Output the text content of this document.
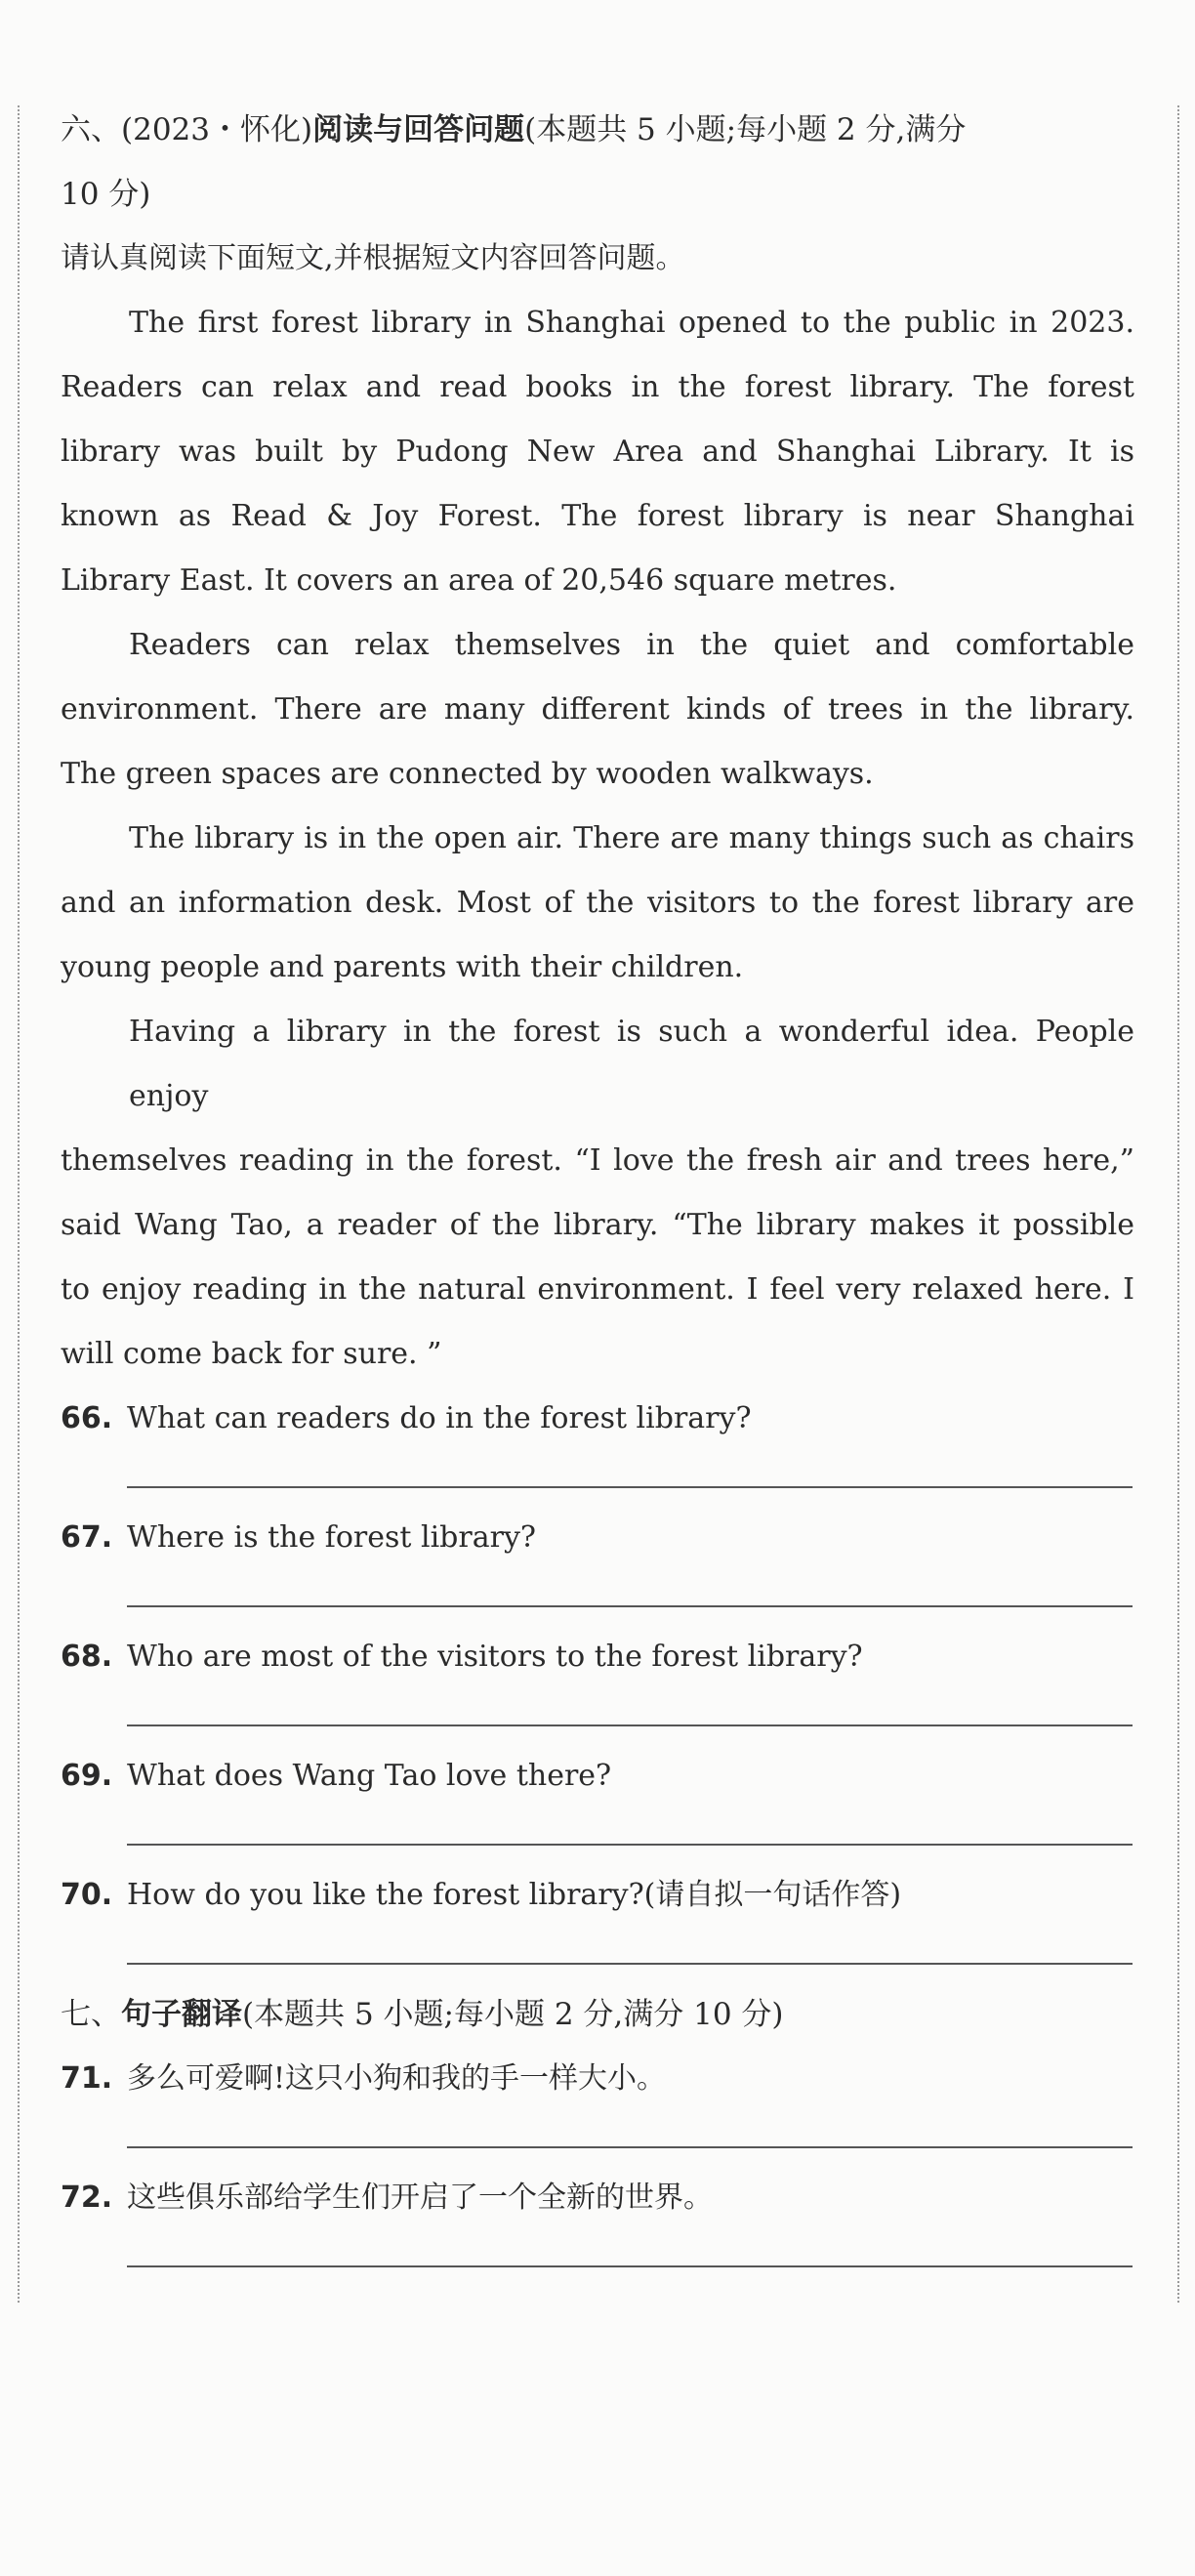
六、(2023・怀化)阅读与回答问题(本题共 5 小题;每小题 2 分,满分
10 分)
请认真阅读下面短文,并根据短文内容回答问题。
The first forest library in Shanghai opened to the public in 2023.
Readers can relax and read books in the forest library. The forest
library was built by Pudong New Area and Shanghai Library. It is
known as Read & Joy Forest. The forest library is near Shanghai
Library East. It covers an area of 20,546 square metres.
Readers can relax themselves in the quiet and comfortable
environment. There are many different kinds of trees in the library.
The green spaces are connected by wooden walkways.
The library is in the open air. There are many things such as chairs
and an information desk. Most of the visitors to the forest library are
young people and parents with their children.
Having a library in the forest is such a wonderful idea. People enjoy
themselves reading in the forest. “I love the fresh air and trees here,”
said Wang Tao, a reader of the library. “The library makes it possible
to enjoy reading in the natural environment. I feel very relaxed here. I
will come back for sure. ”
66. What can readers do in the forest library?
67. Where is the forest library?
68. Who are most of the visitors to the forest library?
69. What does Wang Tao love there?
70. How do you like the forest library?(请自拟一句话作答)
七、句子翻译(本题共 5 小题;每小题 2 分,满分 10 分)
71. 多么可爱啊!这只小狗和我的手一样大小。
72. 这些俱乐部给学生们开启了一个全新的世界。
